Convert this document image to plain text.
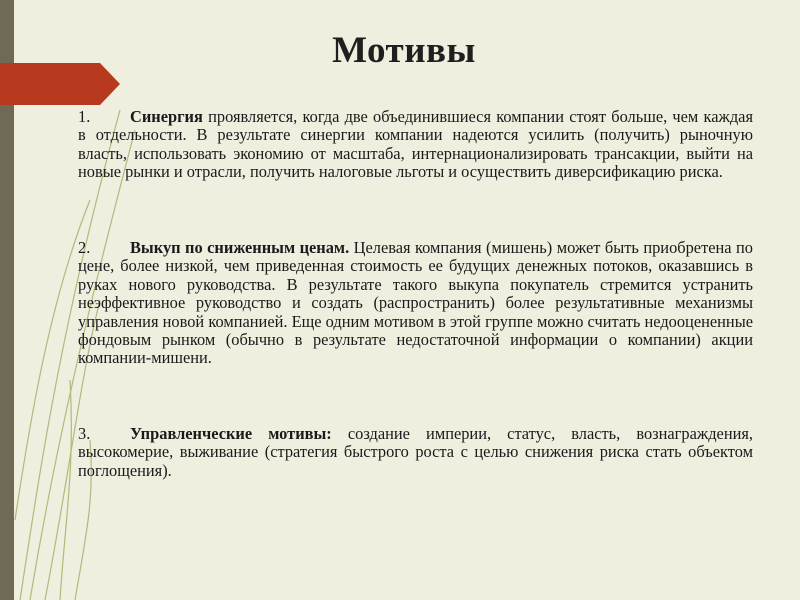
Мотивы
1. Синергия проявляется, когда две объединившиеся компании стоят больше, чем каждая в отдельности. В результате синергии компании надеются усилить (получить) рыночную власть, использовать экономию от масштаба, интернационализировать трансакции, выйти на новые рынки и отрасли, получить налоговые льготы и осуществить диверсификацию риска.
2. Выкуп по сниженным ценам. Целевая компания (мишень) может быть приобретена по цене, более низкой, чем приведенная стоимость ее будущих денежных потоков, оказавшись в руках нового руководства. В результате такого выкупа покупатель стремится устранить неэффективное руководство и создать (распространить) более результативные механизмы управления новой компанией. Еще одним мотивом в этой группе можно считать недооцененные фондовым рынком (обычно в результате недостаточной информации о компании) акции компании-мишени.
3. Управленческие мотивы: создание империи, статус, власть, вознаграждения, высокомерие, выживание (стратегия быстрого роста с целью снижения риска стать объектом поглощения).
